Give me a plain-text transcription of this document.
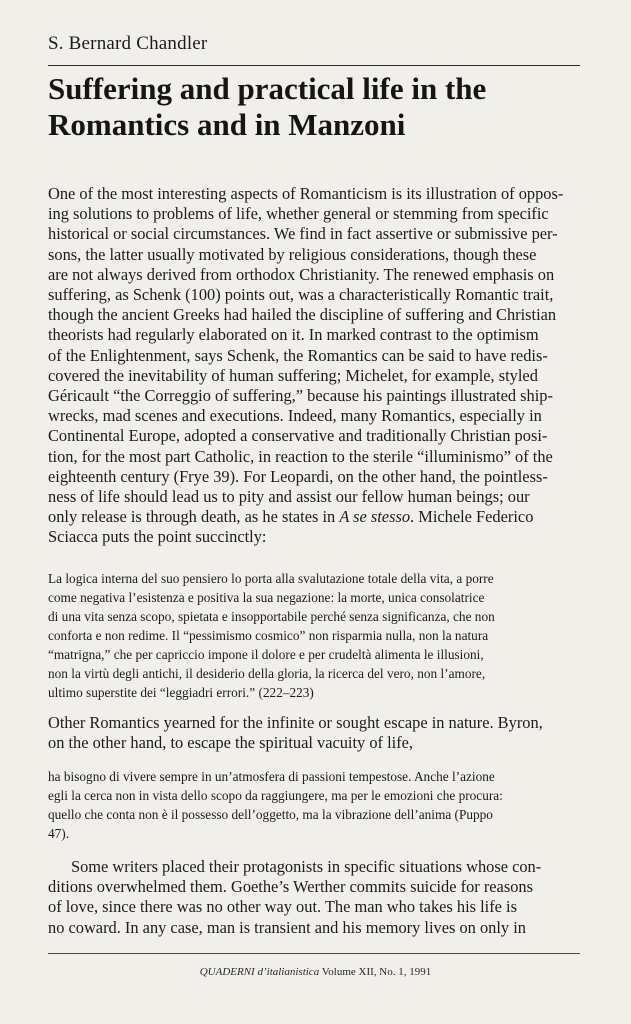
S. Bernard Chandler
Suffering and practical life in the
Romantics and in Manzoni

One of the most interesting aspects of Romanticism is its illustration of oppos-
ing solutions to problems of life, whether general or stemming from specific
historical or social circumstances. We find in fact assertive or submissive per-
sons, the latter usually motivated by religious considerations, though these
are not always derived from orthodox Christianity. The renewed emphasis on
suffering, as Schenk (100) points out, was a characteristically Romantic trait,
though the ancient Greeks had hailed the discipline of suffering and Christian
theorists had regularly elaborated on it. In marked contrast to the optimism
of the Enlightenment, says Schenk, the Romantics can be said to have redis-
covered the inevitability of human suffering; Michelet, for example, styled
Géricault “the Correggio of suffering,” because his paintings illustrated ship-
wrecks, mad scenes and executions. Indeed, many Romantics, especially in
Continental Europe, adopted a conservative and traditionally Christian posi-
tion, for the most part Catholic, in reaction to the sterile “illuminismo” of the
eighteenth century (Frye 39). For Leopardi, on the other hand, the pointless-
ness of life should lead us to pity and assist our fellow human beings; our
only release is through death, as he states in A se stesso. Michele Federico
Sciacca puts the point succinctly:

La logica interna del suo pensiero lo porta alla svalutazione totale della vita, a porre
come negativa l’esistenza e positiva la sua negazione: la morte, unica consolatrice
di una vita senza scopo, spietata e insopportabile perché senza significanza, che non
conforta e non redime. Il “pessimismo cosmico” non risparmia nulla, non la natura
“matrigna,” che per capriccio impone il dolore e per crudeltà alimenta le illusioni,
non la virtù degli antichi, il desiderio della gloria, la ricerca del vero, non l’amore,
ultimo superstite dei “leggiadri errori.” (222–223)

Other Romantics yearned for the infinite or sought escape in nature. Byron,
on the other hand, to escape the spiritual vacuity of life,

ha bisogno di vivere sempre in un’atmosfera di passioni tempestose. Anche l’azione
egli la cerca non in vista dello scopo da raggiungere, ma per le emozioni che procura:
quello che conta non è il possesso dell’oggetto, ma la vibrazione dell’anima (Puppo
47).

Some writers placed their protagonists in specific situations whose con-
ditions overwhelmed them. Goethe’s Werther commits suicide for reasons
of love, since there was no other way out. The man who takes his life is
no coward. In any case, man is transient and his memory lives on only in

QUADERNI d’italianistica Volume XII, No. 1, 1991
